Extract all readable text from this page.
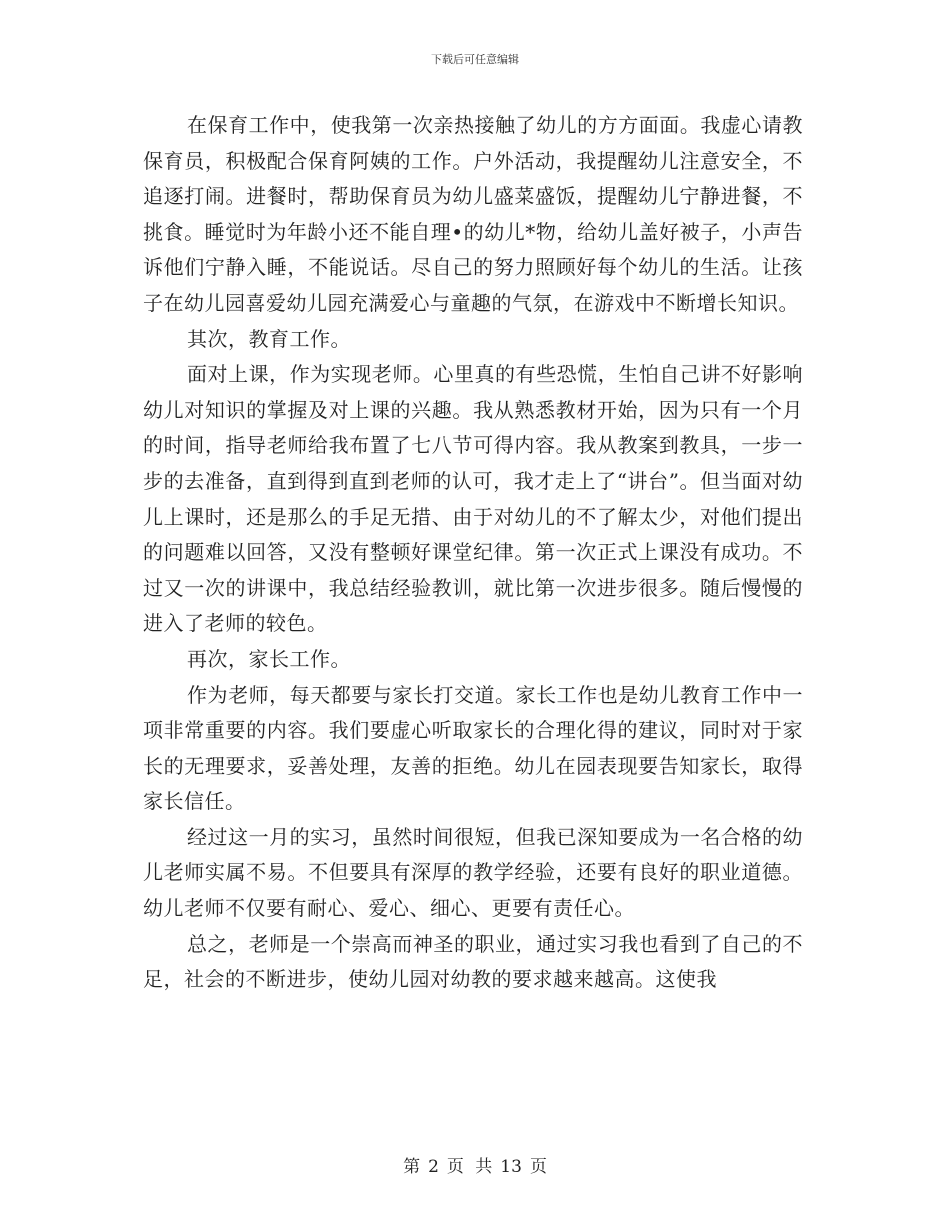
下载后可任意编辑

在保育工作中，使我第一次亲热接触了幼儿的方方面面。我虚心请教保育员，积极配合保育阿姨的工作。户外活动，我提醒幼儿注意安全，不追逐打闹。进餐时，帮助保育员为幼儿盛菜盛饭，提醒幼儿宁静进餐，不挑食。睡觉时为年龄小还不能自理•的幼儿*物，给幼儿盖好被子，小声告诉他们宁静入睡，不能说话。尽自己的努力照顾好每个幼儿的生活。让孩子在幼儿园喜爱幼儿园充满爱心与童趣的气氛，在游戏中不断增长知识。

其次，教育工作。

面对上课，作为实现老师。心里真的有些恐慌，生怕自己讲不好影响幼儿对知识的掌握及对上课的兴趣。我从熟悉教材开始，因为只有一个月的时间，指导老师给我布置了七八节可得内容。我从教案到教具，一步一步的去准备，直到得到直到老师的认可，我才走上了“讲台”。但当面对幼儿上课时，还是那么的手足无措、由于对幼儿的不了解太少，对他们提出的问题难以回答，又没有整顿好课堂纪律。第一次正式上课没有成功。不过又一次的讲课中，我总结经验教训，就比第一次进步很多。随后慢慢的进入了老师的较色。

再次，家长工作。

作为老师，每天都要与家长打交道。家长工作也是幼儿教育工作中一项非常重要的内容。我们要虚心听取家长的合理化得的建议，同时对于家长的无理要求，妥善处理，友善的拒绝。幼儿在园表现要告知家长，取得家长信任。

经过这一月的实习，虽然时间很短，但我已深知要成为一名合格的幼儿老师实属不易。不但要具有深厚的教学经验，还要有良好的职业道德。幼儿老师不仅要有耐心、爱心、细心、更要有责任心。

总之，老师是一个崇高而神圣的职业，通过实习我也看到了自己的不足，社会的不断进步，使幼儿园对幼教的要求越来越高。这使我

第 2 页 共 13 页
